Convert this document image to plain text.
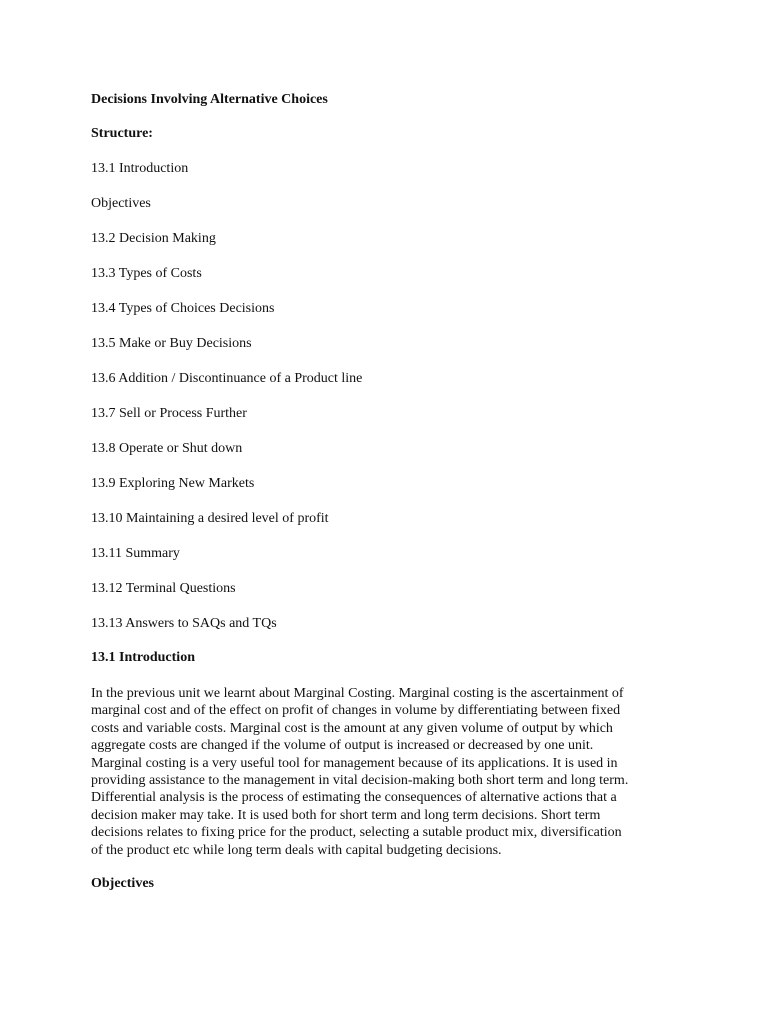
Decisions Involving Alternative Choices
Structure:
13.1 Introduction
Objectives
13.2 Decision Making
13.3 Types of Costs
13.4 Types of Choices Decisions
13.5 Make or Buy Decisions
13.6 Addition / Discontinuance of a Product line
13.7 Sell or Process Further
13.8 Operate or Shut down
13.9 Exploring New Markets
13.10 Maintaining a desired level of profit
13.11 Summary
13.12 Terminal Questions
13.13 Answers to SAQs and TQs
13.1 Introduction

In the previous unit we learnt about Marginal Costing. Marginal costing is the ascertainment of
marginal cost and of the effect on profit of changes in volume by differentiating between fixed
costs and variable costs. Marginal cost is the amount at any given volume of output by which
aggregate costs are changed if the volume of output is increased or decreased by one unit.
Marginal costing is a very useful tool for management because of its applications. It is used in
providing assistance to the management in vital decision-making both short term and long term.
Differential analysis is the process of estimating the consequences of alternative actions that a
decision maker may take. It is used both for short term and long term decisions. Short term
decisions relates to fixing price for the product, selecting a sutable product mix, diversification
of the product etc while long term deals with capital budgeting decisions.

Objectives
